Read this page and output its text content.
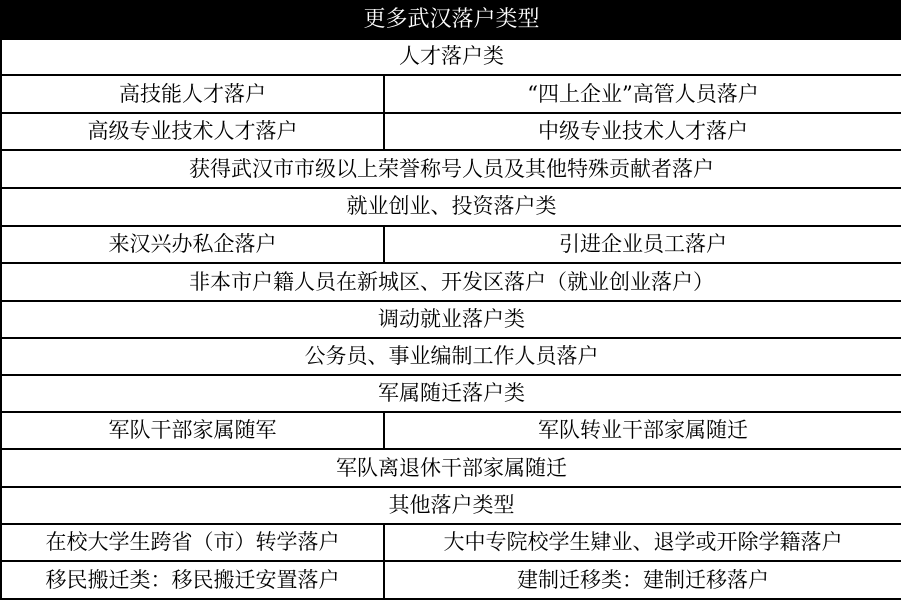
更多武汉落户类型	
人才落户类	
高技能人才落户	“四上企业”高管人员落户
高级专业技术人才落户	中级专业技术人才落户
获得武汉市市级以上荣誉称号人员及其他特殊贡献者落户	
就业创业、投资落户类	
来汉兴办私企落户	引进企业员工落户
非本市户籍人员在新城区、开发区落户（就业创业落户）	
调动就业落户类	
公务员、事业编制工作人员落户	
军属随迁落户类	
军队干部家属随军	军队转业干部家属随迁
军队离退休干部家属随迁	
其他落户类型	
在校大学生跨省（市）转学落户	大中专院校学生肄业、退学或开除学籍落户
移民搬迁类：移民搬迁安置落户	建制迁移类：建制迁移落户
